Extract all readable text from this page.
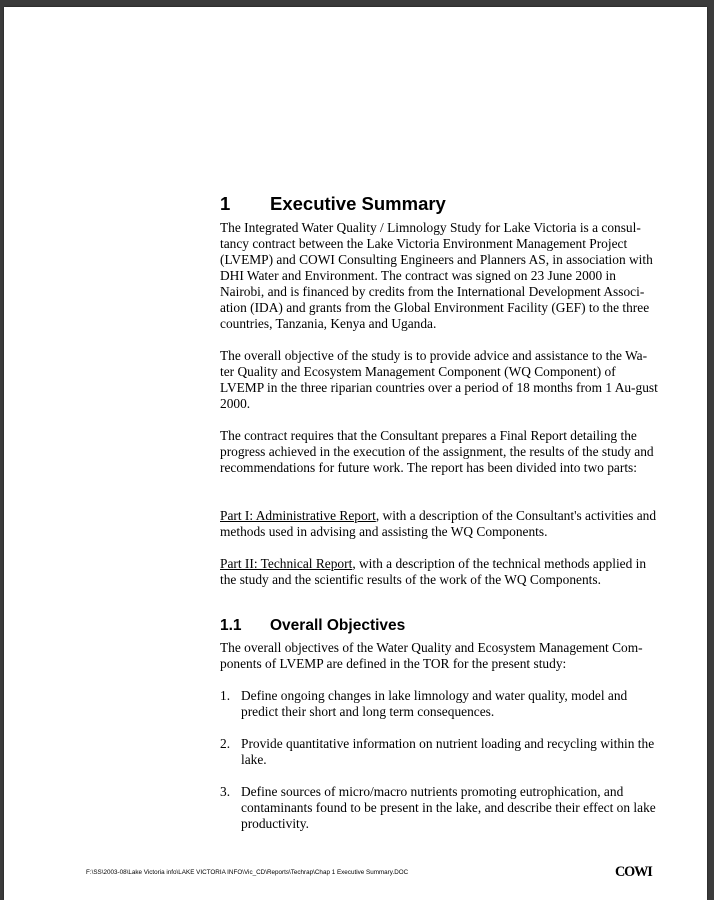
1 Executive Summary

The Integrated Water Quality / Limnology Study for Lake Victoria is a consul-tancy contract between the Lake Victoria Environment Management Project (LVEMP) and COWI Consulting Engineers and Planners AS, in association with DHI Water and Environment. The contract was signed on 23 June 2000 in Nairobi, and is financed by credits from the International Development Associ-ation (IDA) and grants from the Global Environment Facility (GEF) to the three countries, Tanzania, Kenya and Uganda.

The overall objective of the study is to provide advice and assistance to the Wa-ter Quality and Ecosystem Management Component (WQ Component) of LVEMP in the three riparian countries over a period of 18 months from 1 Au-gust 2000.

The contract requires that the Consultant prepares a Final Report detailing the progress achieved in the execution of the assignment, the results of the study and recommendations for future work. The report has been divided into two parts:

Part I: Administrative Report, with a description of the Consultant's activities and methods used in advising and assisting the WQ Components.

Part II: Technical Report, with a description of the technical methods applied in the study and the scientific results of the work of the WQ Components.

1.1 Overall Objectives

The overall objectives of the Water Quality and Ecosystem Management Com-ponents of LVEMP are defined in the TOR for the present study:

1. Define ongoing changes in lake limnology and water quality, model and predict their short and long term consequences.
2. Provide quantitative information on nutrient loading and recycling within the lake.
3. Define sources of micro/macro nutrients promoting eutrophication, and contaminants found to be present in the lake, and describe their effect on lake productivity.
F:\SS\2003-08\Lake Victoria info\LAKE VICTORIA INFO\Vic_CD\Reports\Techrap\Chap 1 Executive Summary.DOC	COWI
